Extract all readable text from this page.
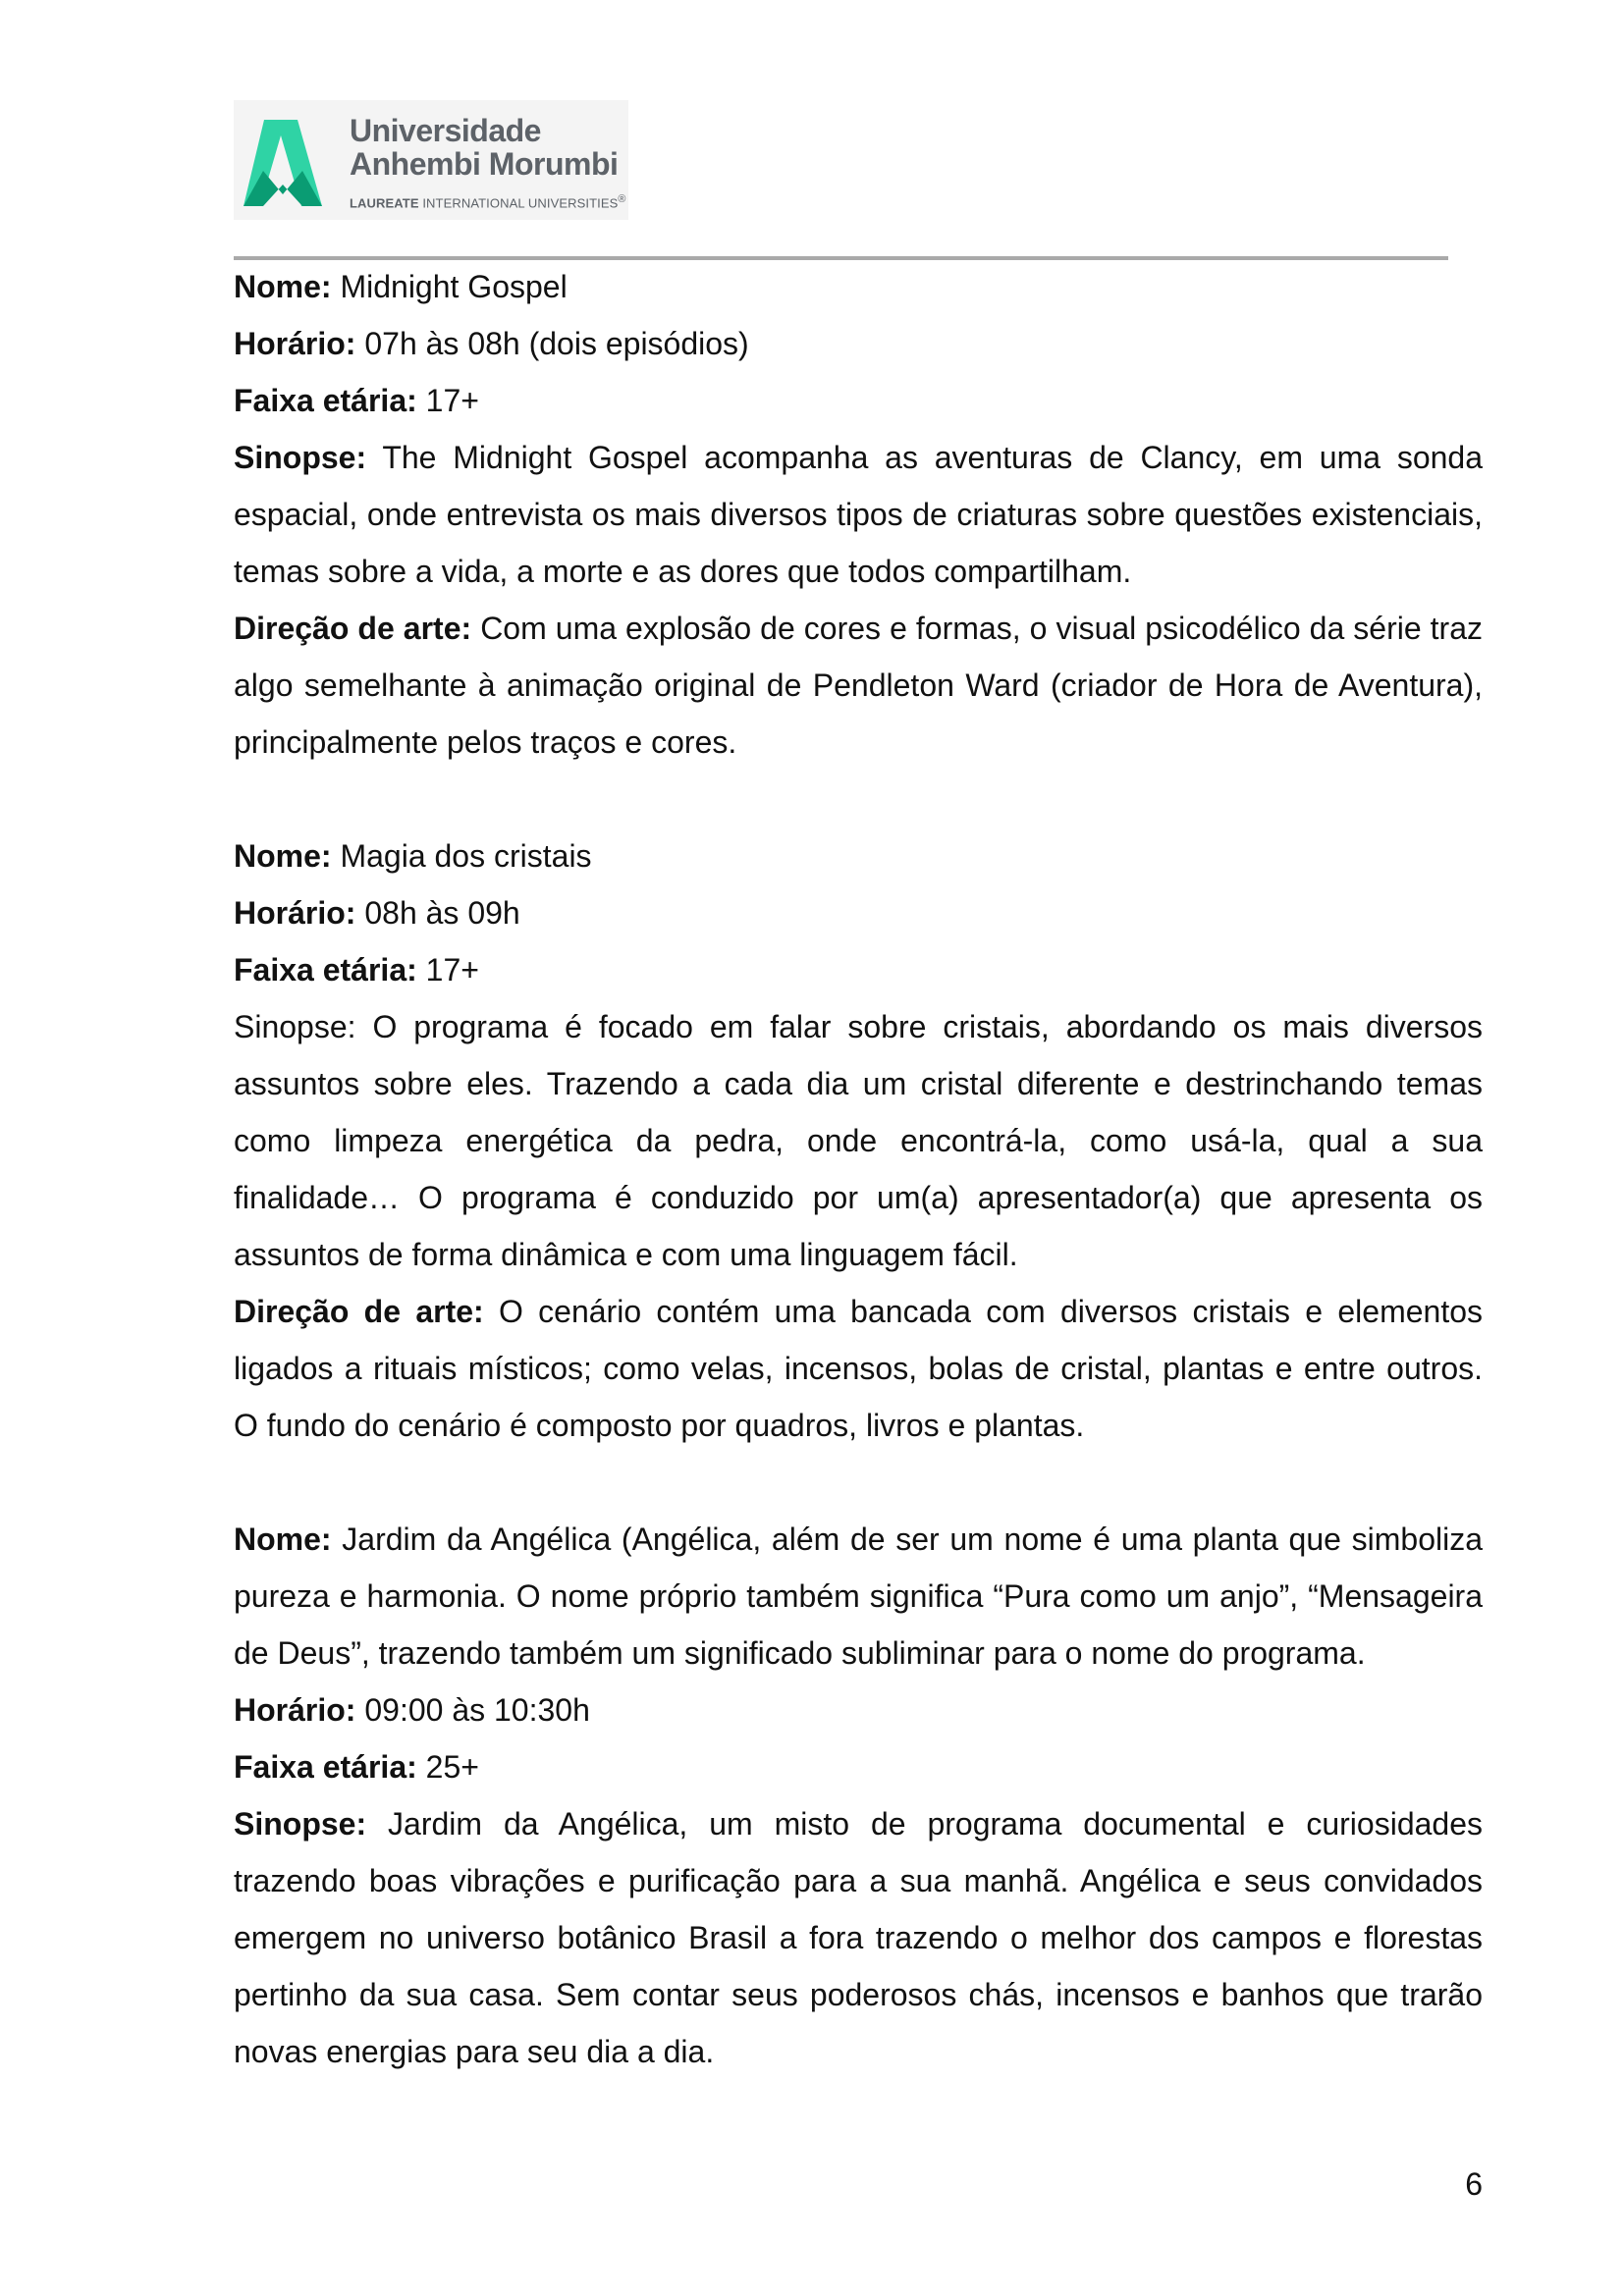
Universidade
Anhembi Morumbi
LAUREATE INTERNATIONAL UNIVERSITIES®

Nome: Midnight Gospel

Horário: 07h às 08h (dois episódios)

Faixa etária: 17+

Sinopse: The Midnight Gospel acompanha as aventuras de Clancy, em uma sonda espacial, onde entrevista os mais diversos tipos de criaturas sobre questões existenciais, temas sobre a vida, a morte e as dores que todos compartilham.

Direção de arte: Com uma explosão de cores e formas, o visual psicodélico da série traz algo semelhante à animação original de Pendleton Ward (criador de Hora de Aventura), principalmente pelos traços e cores.

Nome: Magia dos cristais

Horário: 08h às 09h

Faixa etária: 17+

Sinopse: O programa é focado em falar sobre cristais, abordando os mais diversos assuntos sobre eles. Trazendo a cada dia um cristal diferente e destrinchando temas como limpeza energética da pedra, onde encontrá-la, como usá-la, qual a sua finalidade… O programa é conduzido por um(a) apresentador(a) que apresenta os assuntos de forma dinâmica e com uma linguagem fácil.

Direção de arte: O cenário contém uma bancada com diversos cristais e elementos ligados a rituais místicos; como velas, incensos, bolas de cristal, plantas e entre outros. O fundo do cenário é composto por quadros, livros e plantas.

Nome: Jardim da Angélica (Angélica, além de ser um nome é uma planta que simboliza pureza e harmonia. O nome próprio também significa “Pura como um anjo”, “Mensageira de Deus”, trazendo também um significado subliminar para o nome do programa.

Horário: 09:00 às 10:30h

Faixa etária: 25+

Sinopse: Jardim da Angélica, um misto de programa documental e curiosidades trazendo boas vibrações e purificação para a sua manhã. Angélica e seus convidados emergem no universo botânico Brasil a fora trazendo o melhor dos campos e florestas pertinho da sua casa. Sem contar seus poderosos chás, incensos e banhos que trarão novas energias para seu dia a dia.

6
